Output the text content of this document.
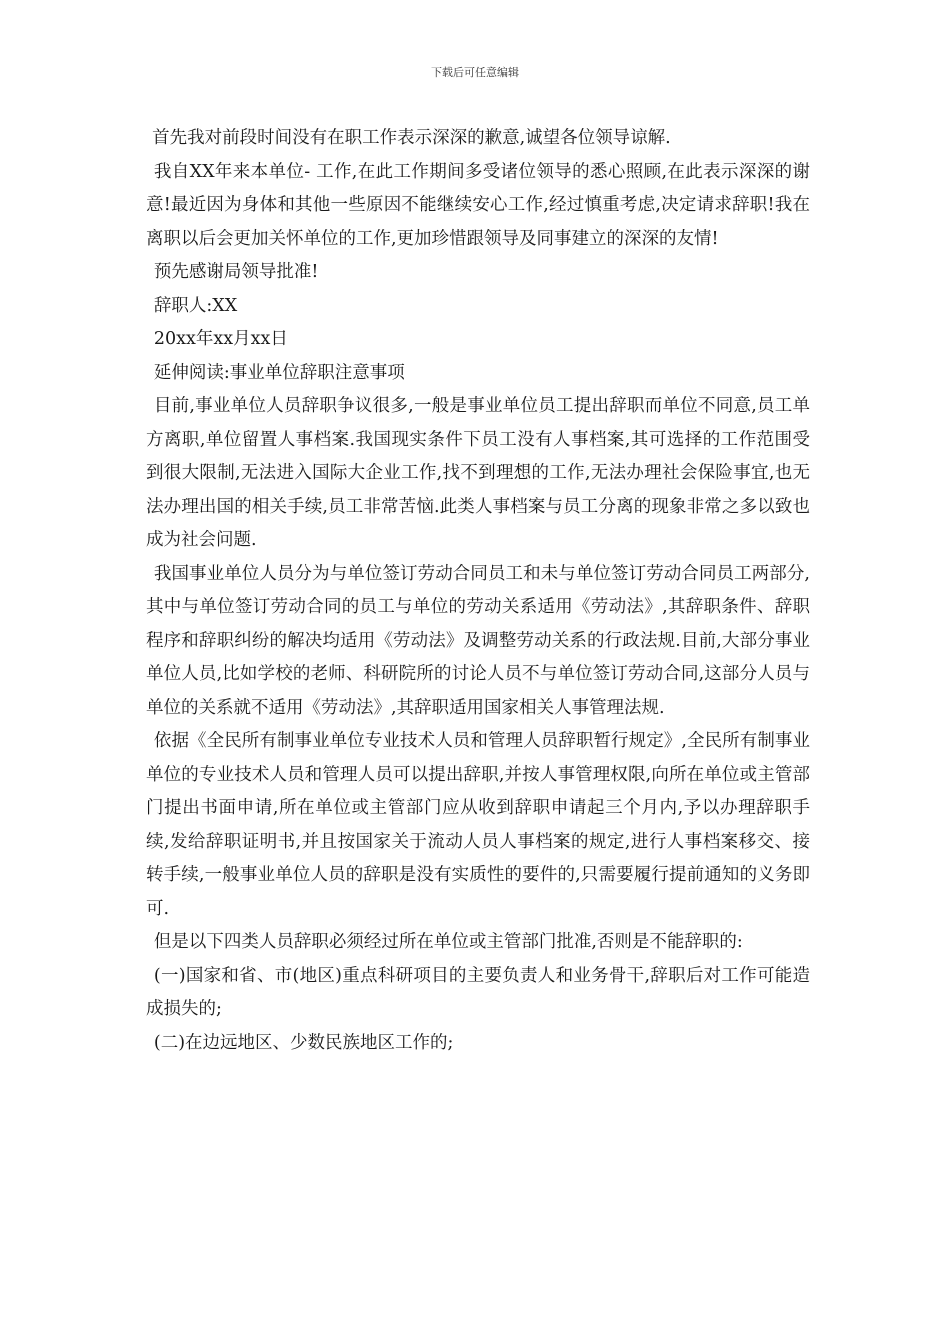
下载后可任意编辑

首先我对前段时间没有在职工作表示深深的歉意,诚望各位领导谅解.

我自XX年来本单位- 工作,在此工作期间多受诸位领导的悉心照顾,在此表示深深的谢意!最近因为身体和其他一些原因不能继续安心工作,经过慎重考虑,决定请求辞职!我在离职以后会更加关怀单位的工作,更加珍惜跟领导及同事建立的深深的友情!

预先感谢局领导批准!

辞职人:XX

20xx年xx月xx日

延伸阅读:事业单位辞职注意事项

目前,事业单位人员辞职争议很多,一般是事业单位员工提出辞职而单位不同意,员工单方离职,单位留置人事档案.我国现实条件下员工没有人事档案,其可选择的工作范围受到很大限制,无法进入国际大企业工作,找不到理想的工作,无法办理社会保险事宜,也无法办理出国的相关手续,员工非常苦恼.此类人事档案与员工分离的现象非常之多以致也成为社会问题.

我国事业单位人员分为与单位签订劳动合同员工和未与单位签订劳动合同员工两部分,其中与单位签订劳动合同的员工与单位的劳动关系适用《劳动法》,其辞职条件、辞职程序和辞职纠纷的解决均适用《劳动法》及调整劳动关系的行政法规.目前,大部分事业单位人员,比如学校的老师、科研院所的讨论人员不与单位签订劳动合同,这部分人员与单位的关系就不适用《劳动法》,其辞职适用国家相关人事管理法规.

依据《全民所有制事业单位专业技术人员和管理人员辞职暂行规定》,全民所有制事业单位的专业技术人员和管理人员可以提出辞职,并按人事管理权限,向所在单位或主管部门提出书面申请,所在单位或主管部门应从收到辞职申请起三个月内,予以办理辞职手续,发给辞职证明书,并且按国家关于流动人员人事档案的规定,进行人事档案移交、接转手续,一般事业单位人员的辞职是没有实质性的要件的,只需要履行提前通知的义务即可.

但是以下四类人员辞职必须经过所在单位或主管部门批准,否则是不能辞职的:

(一)国家和省、市(地区)重点科研项目的主要负责人和业务骨干,辞职后对工作可能造成损失的;

(二)在边远地区、少数民族地区工作的;
